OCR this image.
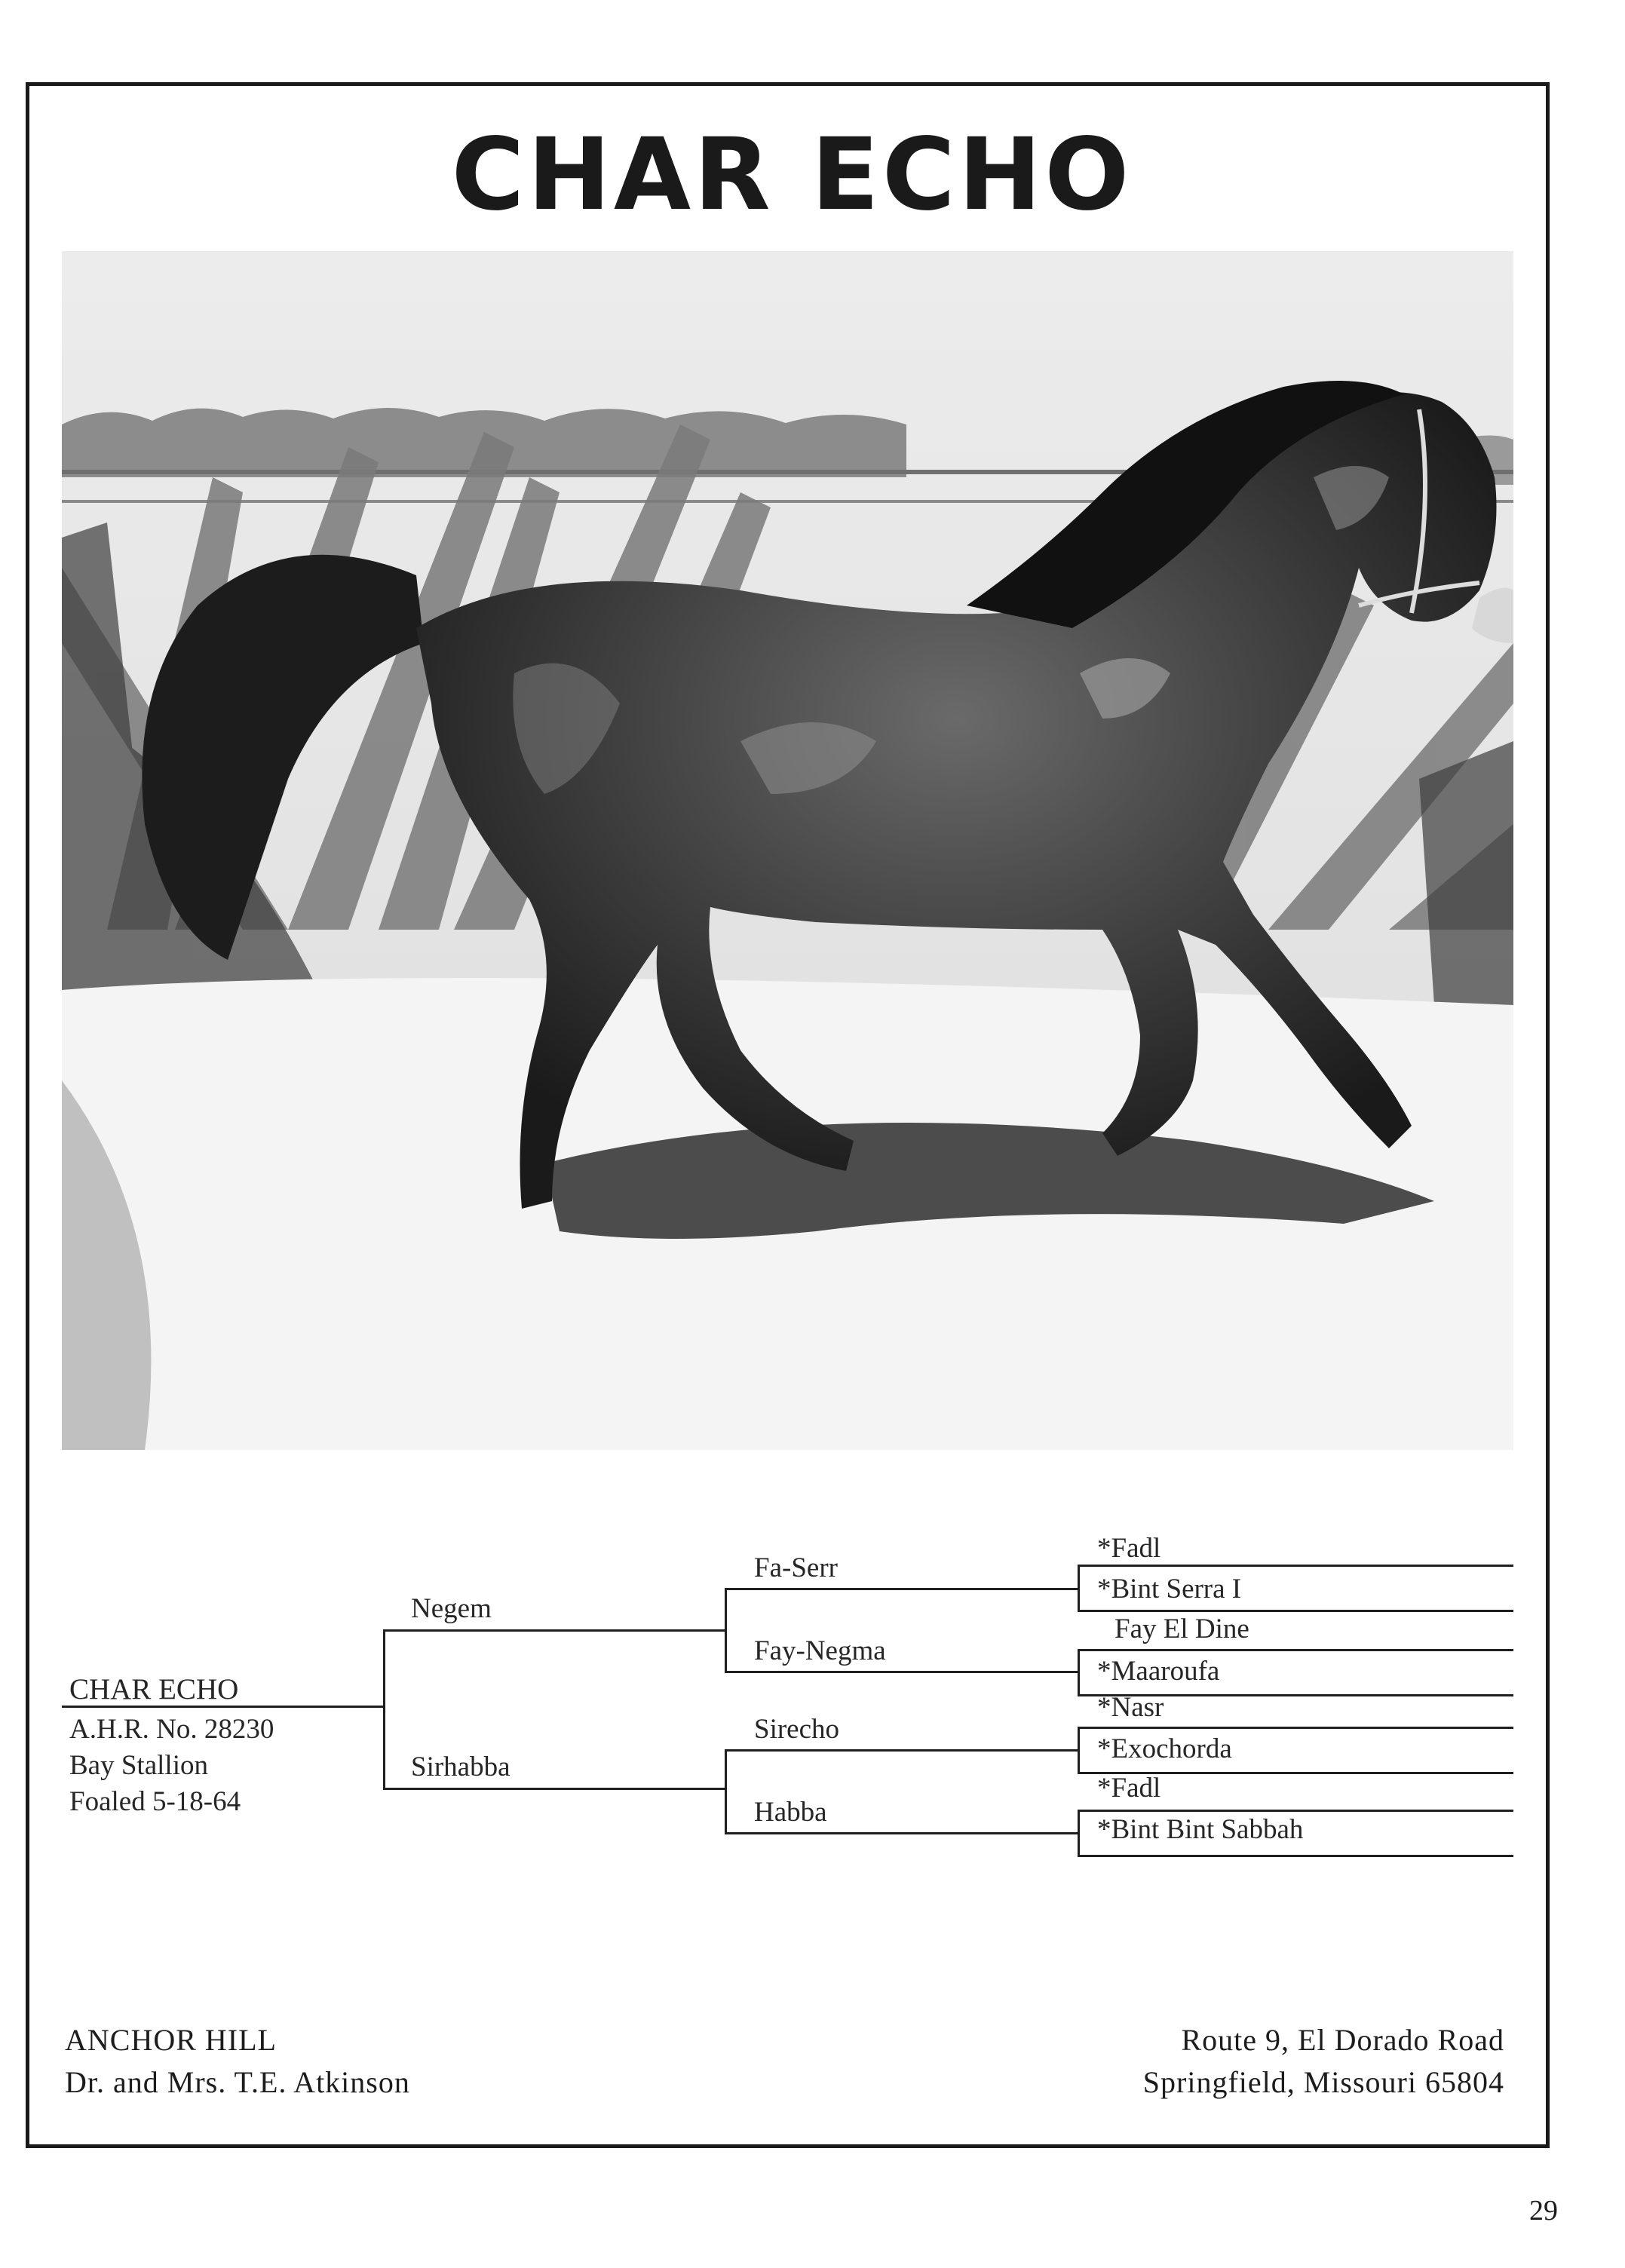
CHAR ECHO
CHAR ECHO
A.H.R. No. 28230
Bay Stallion
Foaled 5-18-64
Negem
Sirhabba
Fa-Serr
Fay-Negma
Sirecho
Habba
*Fadl
*Bint Serra I
Fay El Dine
*Maaroufa
*Nasr
*Exochorda
*Fadl
*Bint Bint Sabbah
ANCHOR HILL
Dr. and Mrs. T.E. Atkinson
Route 9, El Dorado Road
Springfield, Missouri 65804
29
